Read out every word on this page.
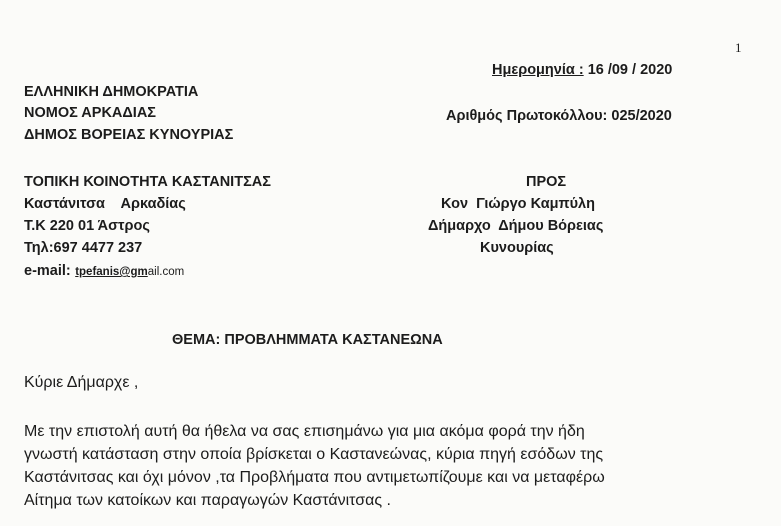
1
Ημερομηνία : 16 /09 / 2020
Αριθμός Πρωτοκόλλου: 025/2020
ΕΛΛΗΝΙΚΗ ΔΗΜΟΚΡΑΤΙΑ
ΝΟΜΟΣ ΑΡΚΑΔΙΑΣ
ΔΗΜΟΣ ΒΟΡΕΙΑΣ ΚΥΝΟΥΡΙΑΣ
ΤΟΠΙΚΗ ΚΟΙΝΟΤΗΤΑ ΚΑΣΤΑΝΙΤΣΑΣ
Καστάνιτσα    Αρκαδίας
Τ.Κ 220 01 Άστρος
Τηλ:697 4477 237
e-mail: tpefanis@gmail.com
ΠΡΟΣ
Κον  Γιώργο Καμπύλη
Δήμαρχο  Δήμου Βόρειας
Κυνουρίας
ΘΕΜΑ: ΠΡΟΒΛΗΜΜΑΤΑ ΚΑΣΤΑΝΕΩΝΑ
Κύριε Δήμαρχε ,
Με την επιστολή αυτή θα ήθελα να σας επισημάνω για μια ακόμα φορά την ήδη
γνωστή κατάσταση στην οποία βρίσκεται ο Καστανεώνας, κύρια πηγή εσόδων της
Καστάνιτσας και όχι μόνον ,τα Προβλήματα που αντιμετωπίζουμε και να μεταφέρω
Αίτημα των κατοίκων και παραγωγών Καστάνιτσας .
